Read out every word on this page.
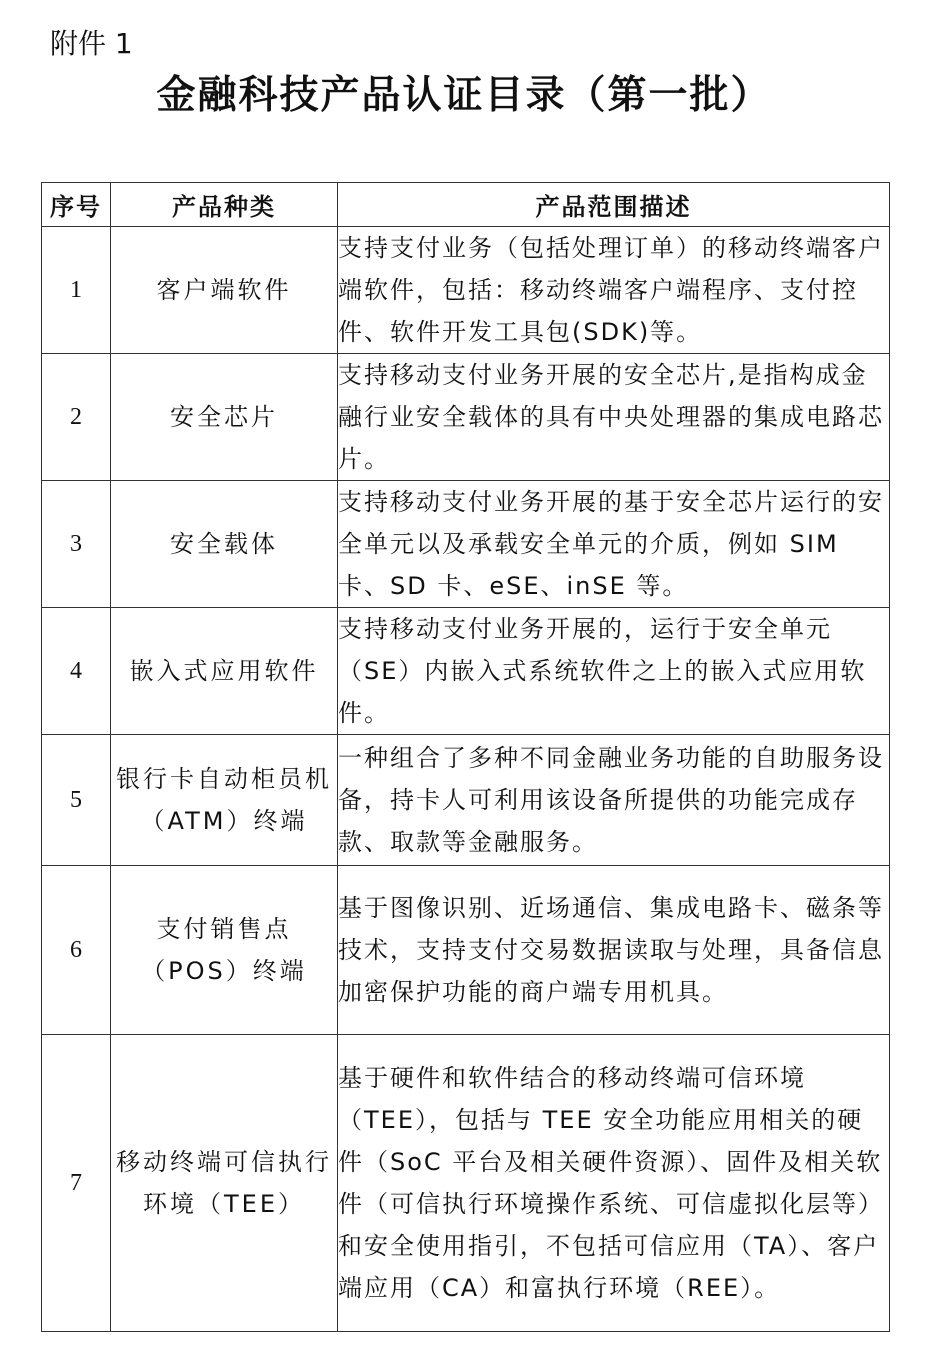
附件 1

金融科技产品认证目录（第一批）
序号	产品种类	产品范围描述
1	客户端软件	支持支付业务（包括处理订单）的移动终端客户端软件，包括：移动终端客户端程序、支付控件、软件开发工具包(SDK)等。
2	安全芯片	支持移动支付业务开展的安全芯片,是指构成金融行业安全载体的具有中央处理器的集成电路芯片。
3	安全载体	支持移动支付业务开展的基于安全芯片运行的安全单元以及承载安全单元的介质，例如 SIM 卡、SD 卡、eSE、inSE 等。
4	嵌入式应用软件	支持移动支付业务开展的，运行于安全单元（SE）内嵌入式系统软件之上的嵌入式应用软件。
5	银行卡自动柜员机（ATM）终端	一种组合了多种不同金融业务功能的自助服务设备，持卡人可利用该设备所提供的功能完成存款、取款等金融服务。
6	支付销售点（POS）终端	基于图像识别、近场通信、集成电路卡、磁条等技术，支持支付交易数据读取与处理，具备信息加密保护功能的商户端专用机具。
7	移动终端可信执行环境（TEE）	基于硬件和软件结合的移动终端可信环境（TEE），包括与 TEE 安全功能应用相关的硬件（SoC 平台及相关硬件资源）、固件及相关软件（可信执行环境操作系统、可信虚拟化层等）和安全使用指引，不包括可信应用（TA）、客户端应用（CA）和富执行环境（REE）。
